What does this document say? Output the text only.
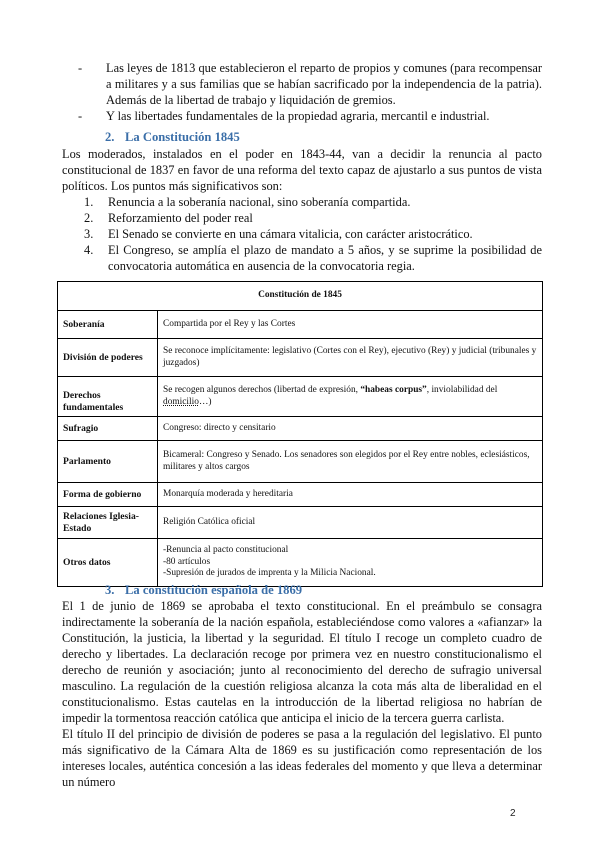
-	Las leyes de 1813 que establecieron el reparto de propios y comunes (para recompensar a militares y a sus familias que se habían sacrificado por la independencia de la patria). Además de la libertad de trabajo y liquidación de gremios.
-	Y las libertades fundamentales de la propiedad agraria, mercantil e industrial.
2. La Constitución 1845

Los moderados, instalados en el poder en 1843-44, van a decidir la renuncia al pacto constitucional de 1837 en favor de una reforma del texto capaz de ajustarlo a sus puntos de vista políticos. Los puntos más significativos son:

1. Renuncia a la soberanía nacional, sino soberanía compartida.
2. Reforzamiento del poder real
3. El Senado se convierte en una cámara vitalicia, con carácter aristocrático.
4. El Congreso, se amplía el plazo de mandato a 5 años, y se suprime la posibilidad de convocatoria automática en ausencia de la convocatoria regia.
Constitución de 1845	
Soberanía	Compartida por el Rey y las Cortes
División de poderes	Se reconoce implícitamente: legislativo (Cortes con el Rey), ejecutivo (Rey) y judicial (tribunales y juzgados)
Derechos fundamentales	Se recogen algunos derechos (libertad de expresión, “habeas corpus”, inviolabilidad del
domicilio…)
Sufragio	Congreso: directo y censitario
Parlamento	Bicameral: Congreso y Senado. Los senadores son elegidos por el Rey entre nobles, eclesiásticos, militares y altos cargos
Forma de gobierno	Monarquía moderada y hereditaria
Relaciones Iglesia-Estado	Religión Católica oficial
Otros datos	-Renuncia al pacto constitucional
-80 artículos
-Supresión de jurados de imprenta y la Milicia Nacional.
3. La constitución española de 1869

El 1 de junio de 1869 se aprobaba el texto constitucional. En el preámbulo se consagra indirectamente la soberanía de la nación española, estableciéndose como valores a «afianzar» la Constitución, la justicia, la libertad y la seguridad. El título I recoge un completo cuadro de derecho y libertades. La declaración recoge por primera vez en nuestro constitucionalismo el derecho de reunión y asociación; junto al reconocimiento del derecho de sufragio universal masculino. La regulación de la cuestión religiosa alcanza la cota más alta de liberalidad en el constitucionalismo. Estas cautelas en la introducción de la libertad religiosa no habrían de impedir la tormentosa reacción católica que anticipa el inicio de la tercera guerra carlista.

El título II del principio de división de poderes se pasa a la regulación del legislativo. El punto más significativo de la Cámara Alta de 1869 es su justificación como representación de los intereses locales, auténtica concesión a las ideas federales del momento y que lleva a determinar un número

2
